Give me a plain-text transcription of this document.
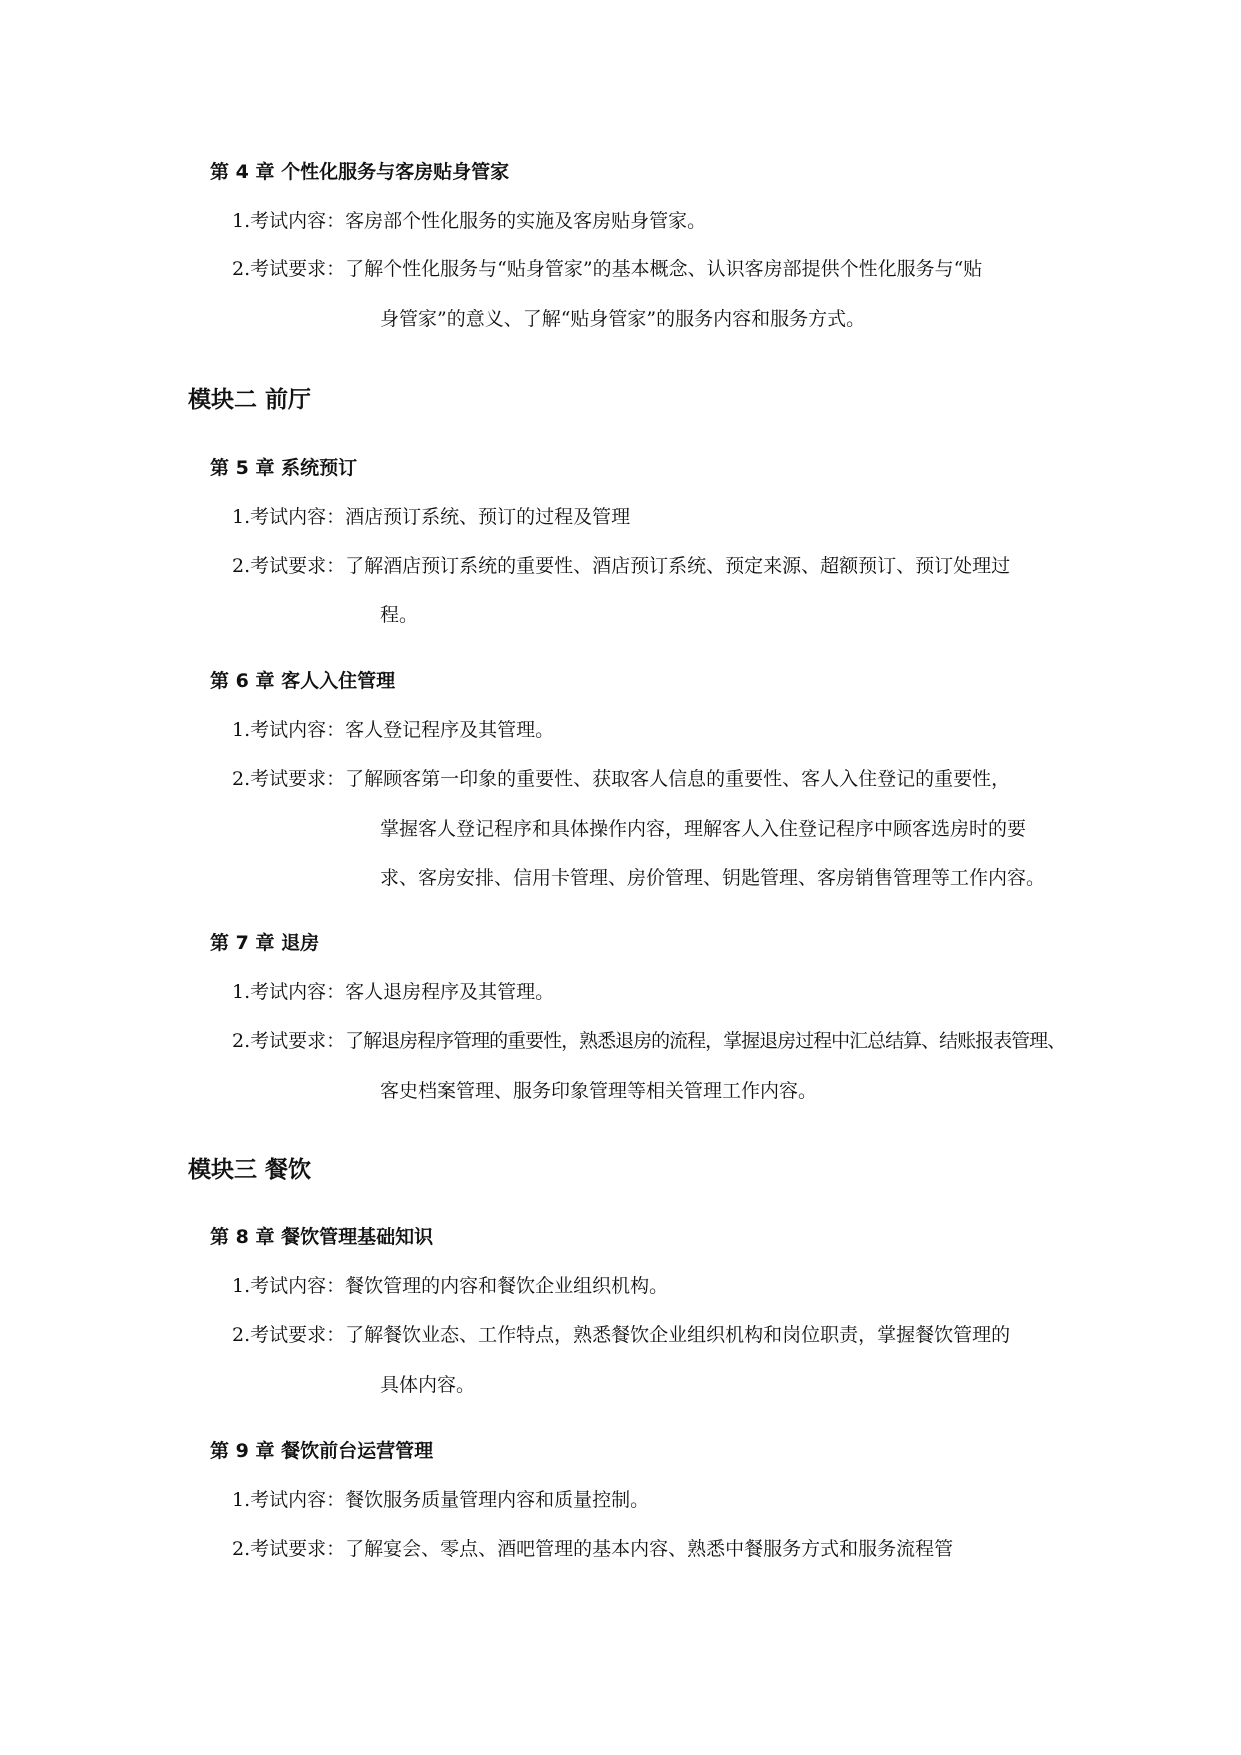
第 4 章 个性化服务与客房贴身管家
1.考试内容：客房部个性化服务的实施及客房贴身管家。
2.考试要求：了解个性化服务与“贴身管家”的基本概念、认识客房部提供个性化服务与“贴
身管家”的意义、了解“贴身管家”的服务内容和服务方式。
模块二 前厅
第 5 章 系统预订
1.考试内容：酒店预订系统、预订的过程及管理
2.考试要求：了解酒店预订系统的重要性、酒店预订系统、预定来源、超额预订、预订处理过
程。
第 6 章 客人入住管理
1.考试内容：客人登记程序及其管理。
2.考试要求：了解顾客第一印象的重要性、获取客人信息的重要性、客人入住登记的重要性，
掌握客人登记程序和具体操作内容，理解客人入住登记程序中顾客选房时的要
求、客房安排、信用卡管理、房价管理、钥匙管理、客房销售管理等工作内容。
第 7 章 退房
1.考试内容：客人退房程序及其管理。
2.考试要求：了解退房程序管理的重要性，熟悉退房的流程，掌握退房过程中汇总结算、结账报表管理、
客史档案管理、服务印象管理等相关管理工作内容。
模块三 餐饮
第 8 章 餐饮管理基础知识
1.考试内容：餐饮管理的内容和餐饮企业组织机构。
2.考试要求：了解餐饮业态、工作特点，熟悉餐饮企业组织机构和岗位职责，掌握餐饮管理的
具体内容。
第 9 章 餐饮前台运营管理
1.考试内容：餐饮服务质量管理内容和质量控制。
2.考试要求：了解宴会、零点、酒吧管理的基本内容、熟悉中餐服务方式和服务流程管
